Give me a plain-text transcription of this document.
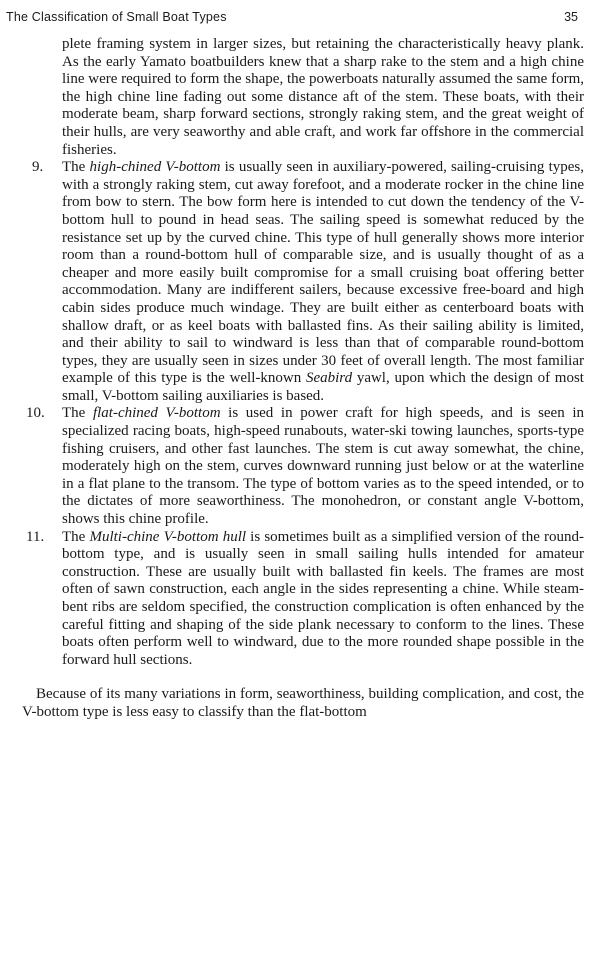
The Classification of Small Boat Types	35

plete framing system in larger sizes, but retaining the characteristically heavy plank. As the early Yamato boatbuilders knew that a sharp rake to the stem and a high chine line were required to form the shape, the powerboats naturally assumed the same form, the high chine line fading out some distance aft of the stem. These boats, with their moderate beam, sharp forward sections, strongly raking stem, and the great weight of their hulls, are very seaworthy and able craft, and work far offshore in the commercial fisheries.

9.	The high-chined V-bottom is usually seen in auxiliary-powered, sailing-cruising types, with a strongly raking stem, cut away forefoot, and a moderate rocker in the chine line from bow to stern. The bow form here is intended to cut down the tendency of the V-bottom hull to pound in head seas. The sailing speed is somewhat reduced by the resistance set up by the curved chine. This type of hull generally shows more interior room than a round-bottom hull of comparable size, and is usually thought of as a cheaper and more easily built compromise for a small cruising boat offering better accommodation. Many are indifferent sailers, because excessive free-board and high cabin sides produce much windage. They are built either as centerboard boats with shallow draft, or as keel boats with ballasted fins. As their sailing ability is limited, and their ability to sail to windward is less than that of comparable round-bottom types, they are usually seen in sizes under 30 feet of overall length. The most familiar example of this type is the well-known Seabird yawl, upon which the design of most small, V-bottom sailing auxiliaries is based.
10.	The flat-chined V-bottom is used in power craft for high speeds, and is seen in specialized racing boats, high-speed runabouts, water-ski towing launches, sports-type fishing cruisers, and other fast launches. The stem is cut away somewhat, the chine, moderately high on the stem, curves downward running just below or at the waterline in a flat plane to the transom. The type of bottom varies as to the speed intended, or to the dictates of more seaworthiness. The monohedron, or constant angle V-bottom, shows this chine profile.
11.	The Multi-chine V-bottom hull is sometimes built as a simplified version of the round-bottom type, and is usually seen in small sailing hulls intended for amateur construction. These are usually built with ballasted fin keels. The frames are most often of sawn construction, each angle in the sides representing a chine. While steam-bent ribs are seldom specified, the construction complication is often enhanced by the careful fitting and shaping of the side plank necessary to conform to the lines. These boats often perform well to windward, due to the more rounded shape possible in the forward hull sections.

Because of its many variations in form, seaworthiness, building complication, and cost, the V-bottom type is less easy to classify than the flat-bottom
